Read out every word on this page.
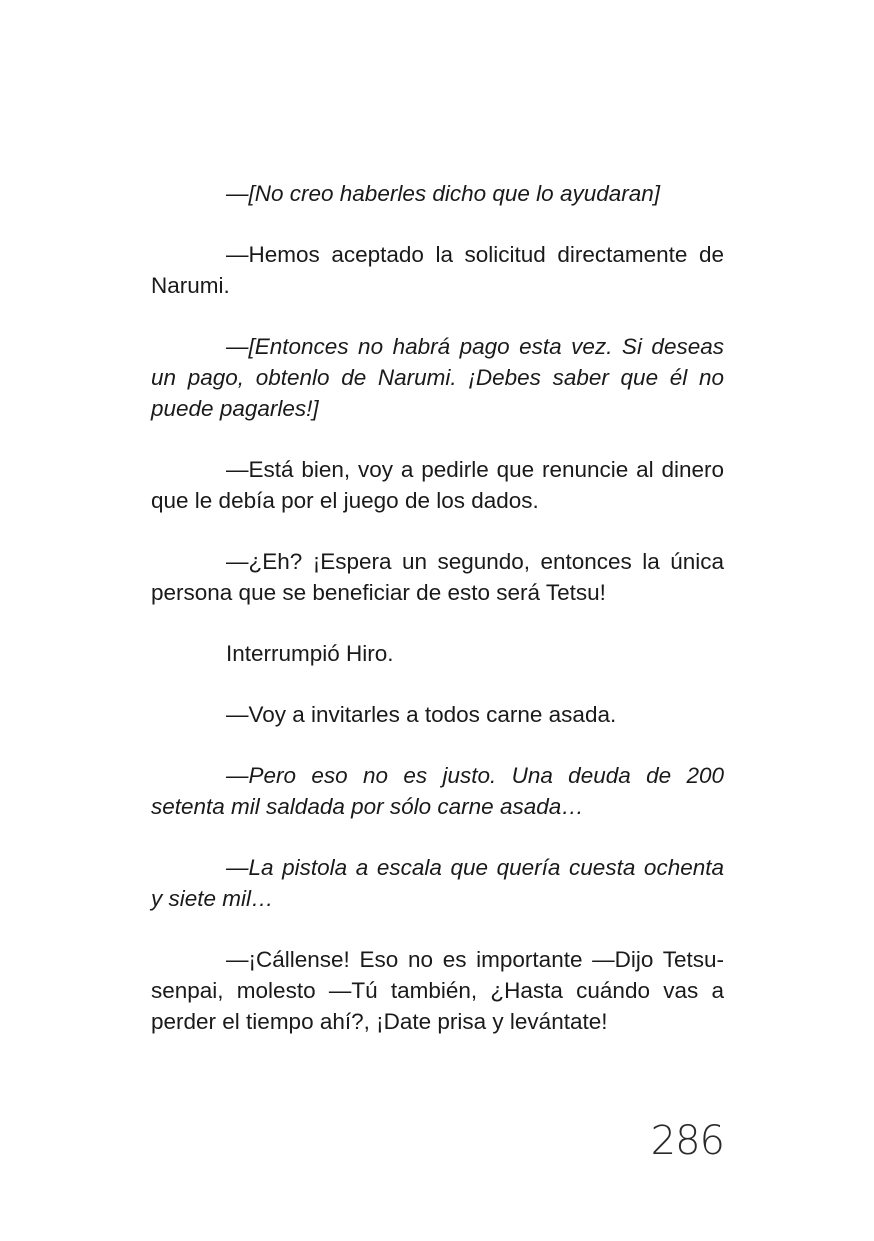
—[No creo haberles dicho que lo ayudaran]

—Hemos aceptado la solicitud directamente de Narumi.

—[Entonces no habrá pago esta vez. Si deseas un pago, obtenlo de Narumi. ¡Debes saber que él no puede pagarles!]

—Está bien, voy a pedirle que renuncie al dinero que le debía por el juego de los dados.

—¿Eh? ¡Espera un segundo, entonces la única persona que se beneficiar de esto será Tetsu!

Interrumpió Hiro.

—Voy a invitarles a todos carne asada.

—Pero eso no es justo. Una deuda de 200 setenta mil saldada por sólo carne asada…

—La pistola a escala que quería cuesta ochenta y siete mil…

—¡Cállense! Eso no es importante —Dijo Tetsu-senpai, molesto —Tú también, ¿Hasta cuándo vas a perder el tiempo ahí?, ¡Date prisa y levántate!

286
